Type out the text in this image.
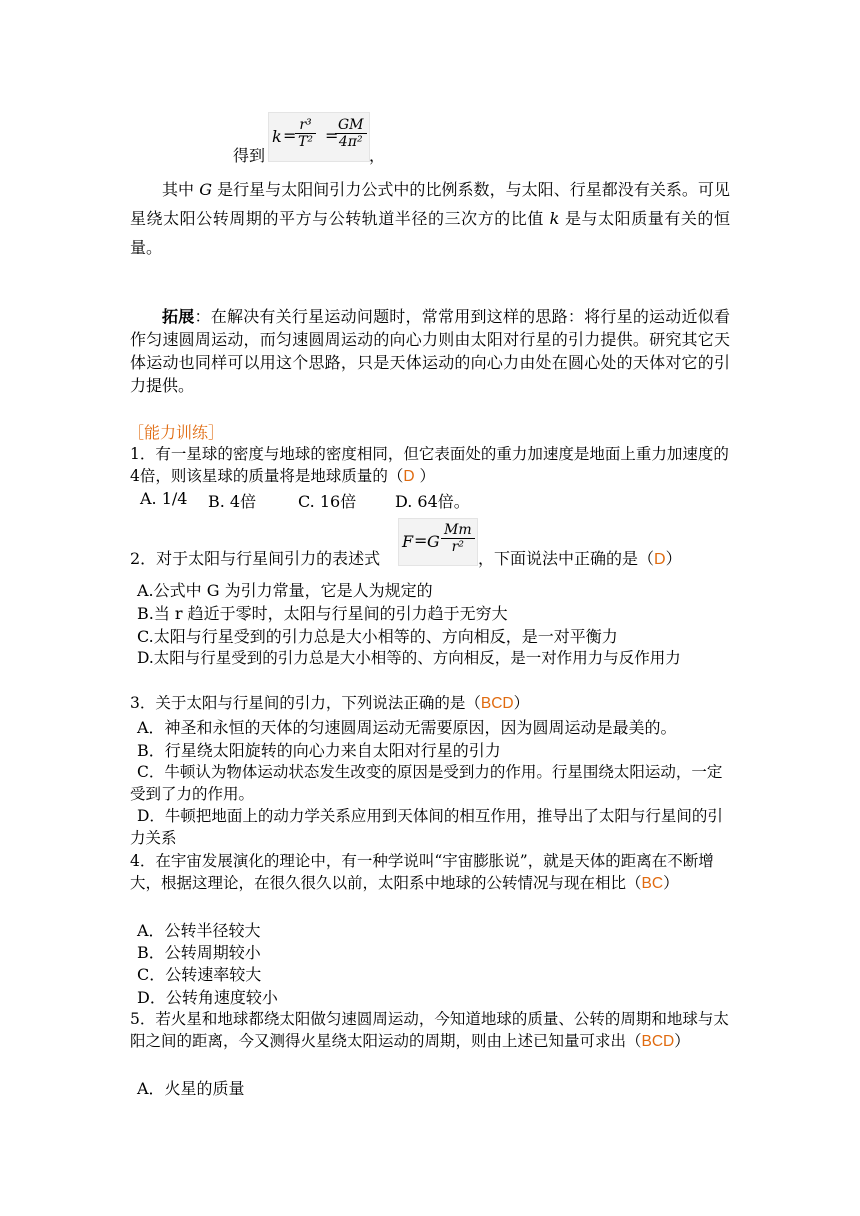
得到
k =
$\frac{\text{r³}}{\text{T²}}$ =
$\frac{GM}{\text{4π²}}$
，
其中 G 是行星与太阳间引力公式中的比例系数，与太阳、行星都没有关系。可见星绕太阳公转周期的平方与公转轨道半径的三次方的比值 k 是与太阳质量有关的恒量。
拓展：在解决有关行星运动问题时，常常用到这样的思路：将行星的运动近似看作匀速圆周运动，而匀速圆周运动的向心力则由太阳对行星的引力提供。研究其它天体运动也同样可以用这个思路，只是天体运动的向心力由处在圆心处的天体对它的引力提供。
［能力训练］
1．有一星球的密度与地球的密度相同，但它表面处的重力加速度是地面上重力加速度的4倍，则该星球的质量将是地球质量的（D ）
A. 1/4 B. 4倍	C. 16倍 D. 64倍。
2．对于太阳与行星间引力的表述式
F = G $\frac{Mm}{\text{r²}}$
，下面说法中正确的是（D）
A.公式中 G 为引力常量，它是人为规定的
B.当 r 趋近于零时，太阳与行星间的引力趋于无穷大
C.太阳与行星受到的引力总是大小相等的、方向相反，是一对平衡力
D.太阳与行星受到的引力总是大小相等的、方向相反，是一对作用力与反作用力
3．关于太阳与行星间的引力，下列说法正确的是（BCD）
A．神圣和永恒的天体的匀速圆周运动无需要原因，因为圆周运动是最美的。
B．行星绕太阳旋转的向心力来自太阳对行星的引力
C．牛顿认为物体运动状态发生改变的原因是受到力的作用。行星围绕太阳运动，一定受到了力的作用。
D．牛顿把地面上的动力学关系应用到天体间的相互作用，推导出了太阳与行星间的引力关系
4．在宇宙发展演化的理论中，有一种学说叫“宇宙膨胀说”，就是天体的距离在不断增大，根据这理论，在很久很久以前，太阳系中地球的公转情况与现在相比（BC）
A．公转半径较大
B．公转周期较小
C．公转速率较大
D．公转角速度较小
5．若火星和地球都绕太阳做匀速圆周运动，今知道地球的质量、公转的周期和地球与太阳之间的距离，今又测得火星绕太阳运动的周期，则由上述已知量可求出（BCD）
A．火星的质量
